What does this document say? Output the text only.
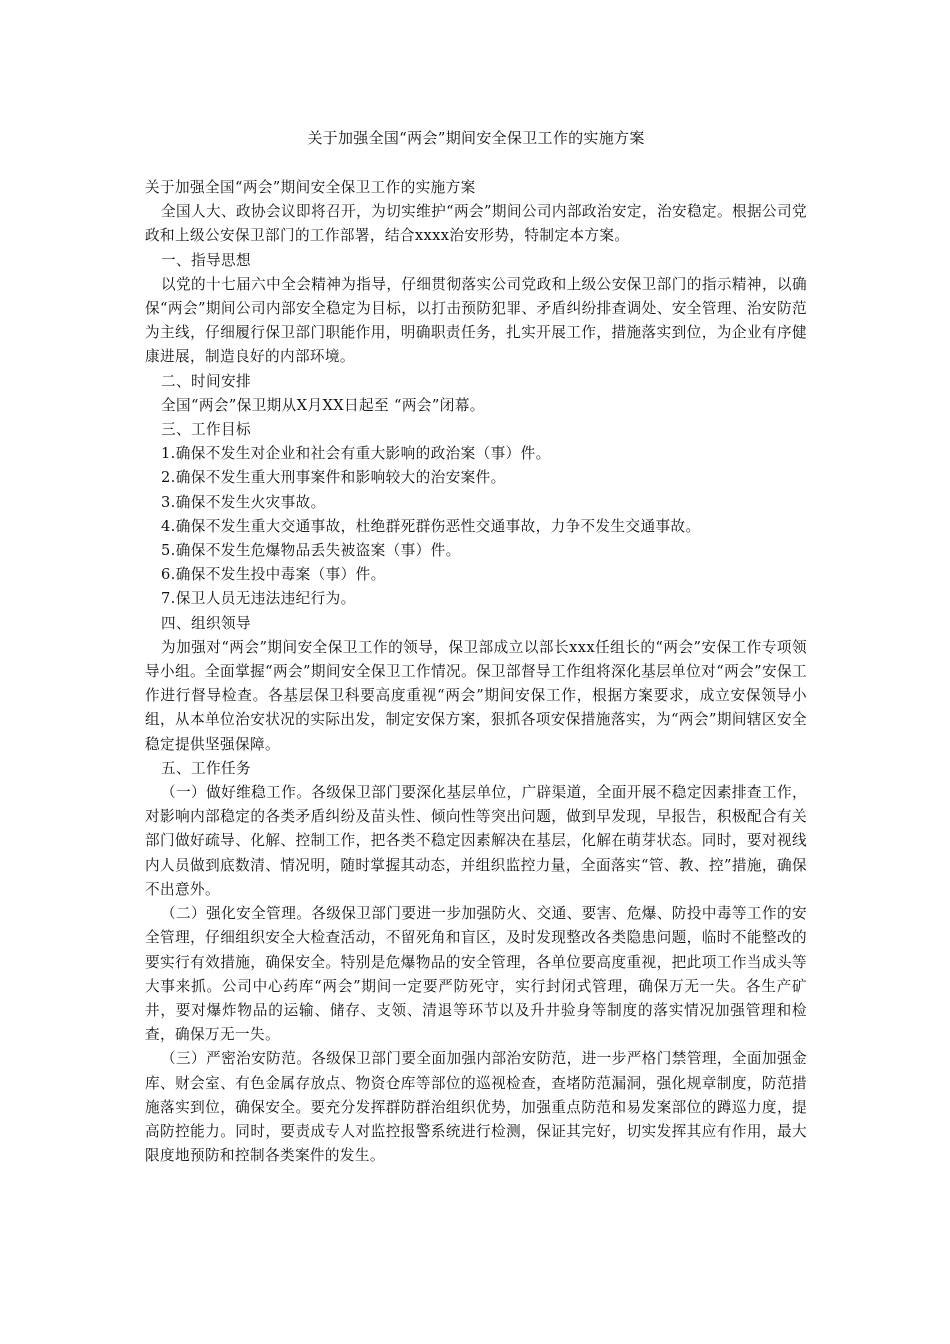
关于加强全国“两会”期间安全保卫工作的实施方案

关于加强全国“两会”期间安全保卫工作的实施方案

全国人大、政协会议即将召开，为切实维护“两会”期间公司内部政治安定，治安稳定。根据公司党政和上级公安保卫部门的工作部署，结合xxxx治安形势，特制定本方案。

一、指导思想

以党的十七届六中全会精神为指导，仔细贯彻落实公司党政和上级公安保卫部门的指示精神，以确保“两会”期间公司内部安全稳定为目标，以打击预防犯罪、矛盾纠纷排查调处、安全管理、治安防范为主线，仔细履行保卫部门职能作用，明确职责任务，扎实开展工作，措施落实到位，为企业有序健康进展，制造良好的内部环境。

二、时间安排

全国“两会”保卫期从X月XX日起至 “两会”闭幕。

三、工作目标

1.确保不发生对企业和社会有重大影响的政治案（事）件。

2.确保不发生重大刑事案件和影响较大的治安案件。

3.确保不发生火灾事故。

4.确保不发生重大交通事故，杜绝群死群伤恶性交通事故，力争不发生交通事故。

5.确保不发生危爆物品丢失被盗案（事）件。

6.确保不发生投中毒案（事）件。

7.保卫人员无违法违纪行为。

四、组织领导

为加强对“两会”期间安全保卫工作的领导，保卫部成立以部长xxx任组长的“两会”安保工作专项领导小组。全面掌握“两会”期间安全保卫工作情况。保卫部督导工作组将深化基层单位对“两会”安保工作进行督导检查。各基层保卫科要高度重视“两会”期间安保工作，根据方案要求，成立安保领导小组，从本单位治安状况的实际出发，制定安保方案，狠抓各项安保措施落实，为“两会”期间辖区安全稳定提供坚强保障。

五、工作任务

（一）做好维稳工作。各级保卫部门要深化基层单位，广辟渠道，全面开展不稳定因素排查工作，对影响内部稳定的各类矛盾纠纷及苗头性、倾向性等突出问题，做到早发现，早报告，积极配合有关部门做好疏导、化解、控制工作，把各类不稳定因素解决在基层，化解在萌芽状态。同时，要对视线内人员做到底数清、情况明，随时掌握其动态，并组织监控力量，全面落实“管、教、控”措施，确保不出意外。

（二）强化安全管理。各级保卫部门要进一步加强防火、交通、要害、危爆、防投中毒等工作的安全管理，仔细组织安全大检查活动，不留死角和盲区，及时发现整改各类隐患问题，临时不能整改的要实行有效措施，确保安全。特别是危爆物品的安全管理，各单位要高度重视，把此项工作当成头等大事来抓。公司中心药库“两会”期间一定要严防死守，实行封闭式管理，确保万无一失。各生产矿井，要对爆炸物品的运输、储存、支领、清退等环节以及升井验身等制度的落实情况加强管理和检查，确保万无一失。

（三）严密治安防范。各级保卫部门要全面加强内部治安防范，进一步严格门禁管理，全面加强金库、财会室、有色金属存放点、物资仓库等部位的巡视检查，查堵防范漏洞，强化规章制度，防范措施落实到位，确保安全。要充分发挥群防群治组织优势，加强重点防范和易发案部位的蹲巡力度，提高防控能力。同时，要责成专人对监控报警系统进行检测，保证其完好，切实发挥其应有作用，最大限度地预防和控制各类案件的发生。
